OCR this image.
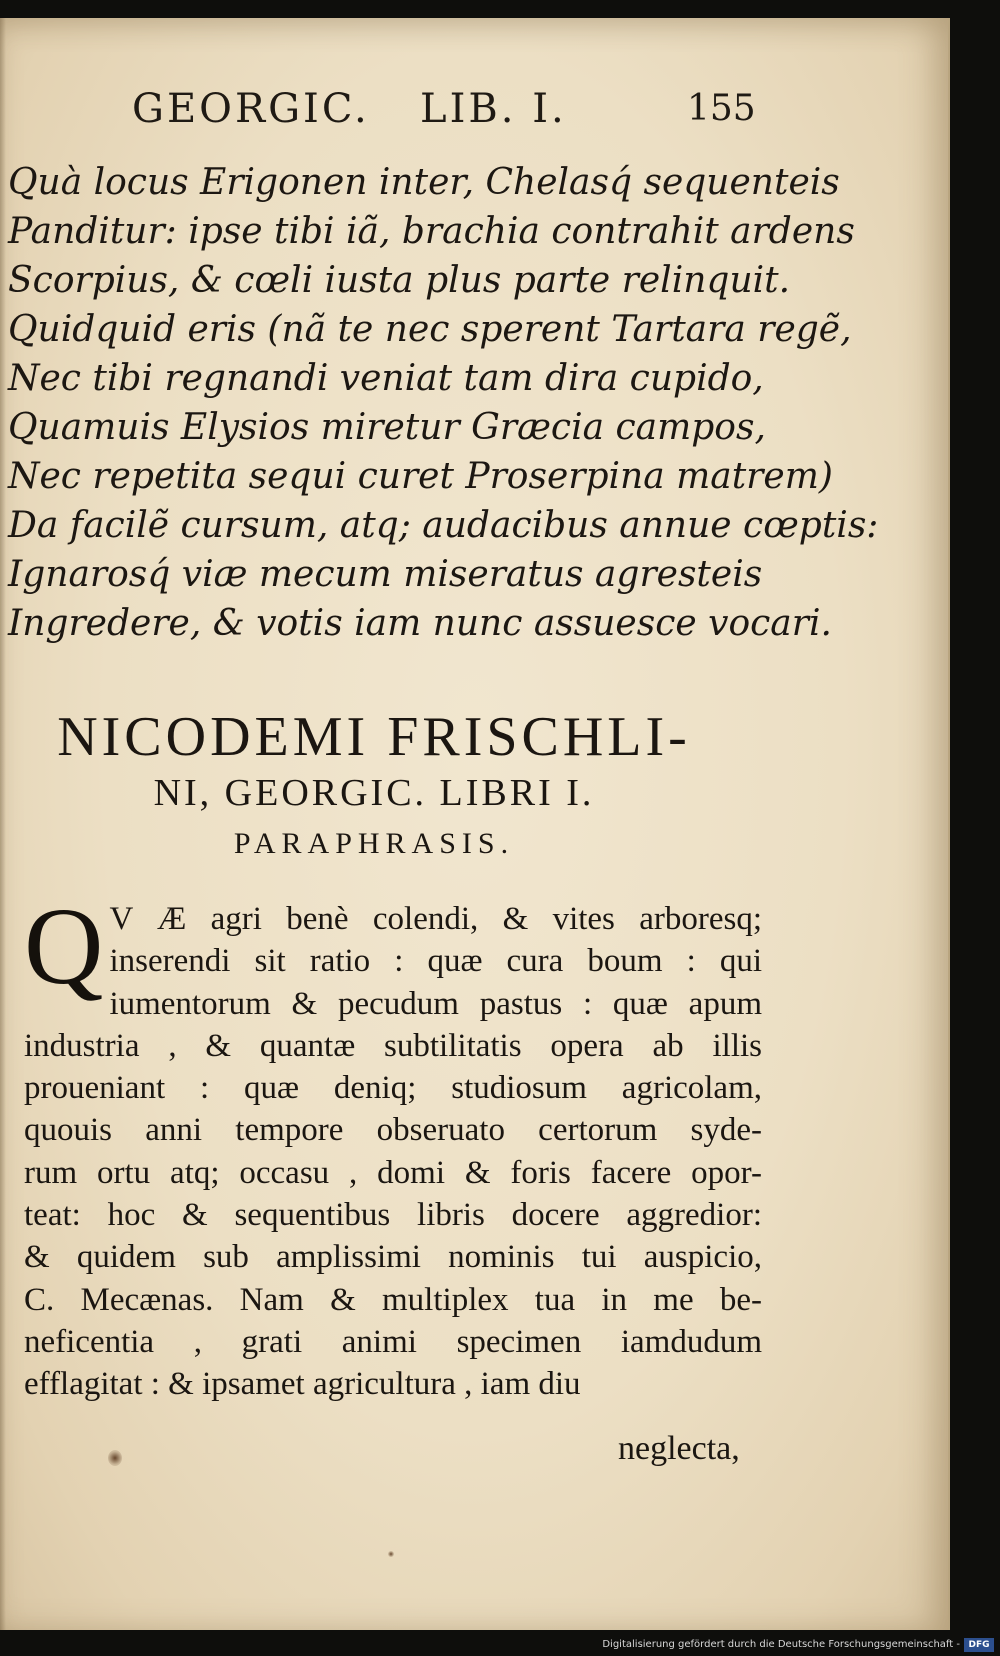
GEORGIC. LIB. I.	155
Quà locus Erigonen inter, Chelasq́ sequenteis
Panditur: ipse tibi iã, brachia contrahit ardens
Scorpius, & cœli iusta plus parte relinquit.
Quidquid eris (nã te nec sperent Tartara regẽ,
Nec tibi regnandi veniat tam dira cupido,
Quamuis Elysios miretur Græcia campos,
Nec repetita sequi curet Proserpina matrem)
Da facilẽ cursum, atq; audacibus annue cœptis:
Ignarosq́ viæ mecum miseratus agresteis
Ingredere, & votis iam nunc assuesce vocari.
NICODEMI FRISCHLI-
NI, GEORGIC. LIBRI I.
PARAPHRASIS.
Q V Æ agri benè colendi, & vites arboresq;
inserendi sit ratio : quæ cura boum : qui
iumentorum & pecudum pastus : quæ apum
industria , & quantæ subtilitatis opera ab illis
proueniant : quæ deniq; studiosum agricolam,
quouis anni tempore obseruato certorum syde-
rum ortu atq; occasu , domi & foris facere opor-
teat: hoc & sequentibus libris docere aggredior:
& quidem sub amplissimi nominis tui auspicio,
C. Mecænas. Nam & multiplex tua in me be-
neficentia , grati animi specimen iamdudum
efflagitat : & ipsamet agricultura , iam diu
neglecta,
Digitalisierung gefördert durch die Deutsche Forschungsgemeinschaft - DFG
